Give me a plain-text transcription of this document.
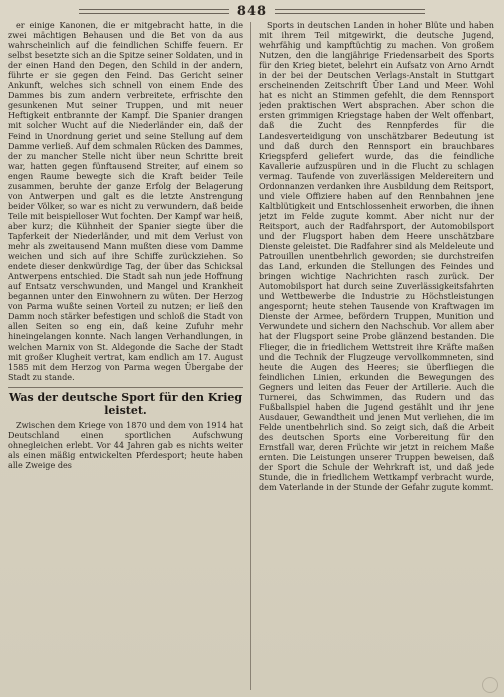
848

er einige Kanonen, die er mitgebracht hatte, in die zwei mächtigen Behausen und die Bet von da aus wahrscheinlich auf die feindlichen Schiffe feuern. Er selbst besetzte sich an die Spitze seiner Soldaten, und in der einen Hand den Degen, den Schild in der andern, führte er sie gegen den Feind. Das Gericht seiner Ankunft, welches sich schnell von einem Ende des Dammes bis zum andern verbreitete, erfrischte den gesunkenen Mut seiner Truppen, und mit neuer Heftigkeit entbrannte der Kampf. Die Spanier drangen mit solcher Wucht auf die Niederländer ein, daß der Feind in Unordnung geriet und seine Stellung auf dem Damme verließ. Auf dem schmalen Rücken des Dammes, der zu mancher Stelle nicht über neun Schritte breit war, hatten gegen fünftausend Streiter, auf einem so engen Raume bewegte sich die Kraft beider Teile zusammen, beruhte der ganze Erfolg der Belagerung von Antwerpen und galt es die letzte Anstrengung beider Völker, so war es nicht zu verwundern, daß beide Teile mit beispielloser Wut fochten. Der Kampf war heiß, aber kurz; die Kühnheit der Spanier siegte über die Tapferkeit der Niederländer, und mit dem Verlust von mehr als zweitausend Mann mußten diese vom Damme weichen und sich auf ihre Schiffe zurückziehen. So endete dieser denkwürdige Tag, der über das Schicksal Antwerpens entschied. Die Stadt sah nun jede Hoffnung auf Entsatz verschwunden, und Mangel und Krankheit begannen unter den Einwohnern zu wüten. Der Herzog von Parma wußte seinen Vorteil zu nutzen; er ließ den Damm noch stärker befestigen und schloß die Stadt von allen Seiten so eng ein, daß keine Zufuhr mehr hineingelangen konnte. Nach langen Verhandlungen, in welchen Marnix von St. Aldegonde die Sache der Stadt mit großer Klugheit vertrat, kam endlich am 17. August 1585 mit dem Herzog von Parma wegen Übergabe der Stadt zu stande.

Was der deutsche Sport für den Krieg leistet.

Zwischen dem Kriege von 1870 und dem von 1914 hat Deutschland einen sportlichen Aufschwung ohnegleichen erlebt. Vor 44 Jahren gab es nichts weiter als einen mäßig entwickelten Pferdesport; heute haben alle Zweige des

Sports in deutschen Landen in hoher Blüte und haben mit ihrem Teil mitgewirkt, die deutsche Jugend, wehrfähig und kampftüchtig zu machen. Von großem Nutzen, den die langjährige Friedensarbeit des Sports für den Krieg bietet, belehrt ein Aufsatz von Arno Arndt in der bei der Deutschen Verlags-Anstalt in Stuttgart erscheinenden Zeitschrift Über Land und Meer. Wohl hat es nicht an Stimmen gefehlt, die dem Rennsport jeden praktischen Wert absprachen. Aber schon die ersten grimmigen Kriegstage haben der Welt offenbart, daß die Zucht des Rennpferdes für die Landesverteidigung von unschätzbarer Bedeutung ist und daß durch den Rennsport ein brauchbares Kriegspferd geliefert wurde, das die feindliche Kavallerie aufzuspüren und in die Flucht zu schlagen vermag. Taufende von zuverlässigen Meldereitern und Ordonnanzen verdanken ihre Ausbildung dem Reitsport, und viele Offiziere haben auf den Rennbahnen jene Kaltblütigkeit und Entschlossenheit erworben, die ihnen jetzt im Felde zugute kommt. Aber nicht nur der Reitsport, auch der Radfahrsport, der Automobilsport und der Flugsport haben dem Heere unschätzbare Dienste geleistet. Die Radfahrer sind als Meldeleute und Patrouillen unentbehrlich geworden; sie durchstreifen das Land, erkunden die Stellungen des Feindes und bringen wichtige Nachrichten rasch zurück. Der Automobilsport hat durch seine Zuverlässigkeitsfahrten und Wettbewerbe die Industrie zu Höchstleistungen angespornt; heute stehen Tausende von Kraftwagen im Dienste der Armee, befördern Truppen, Munition und Verwundete und sichern den Nachschub. Vor allem aber hat der Flugsport seine Probe glänzend bestanden. Die Flieger, die in friedlichem Wettstreit ihre Kräfte maßen und die Technik der Flugzeuge vervollkommneten, sind heute die Augen des Heeres; sie überfliegen die feindlichen Linien, erkunden die Bewegungen des Gegners und leiten das Feuer der Artillerie. Auch die Turnerei, das Schwimmen, das Rudern und das Fußballspiel haben die Jugend gestählt und ihr jene Ausdauer, Gewandtheit und jenen Mut verliehen, die im Felde unentbehrlich sind. So zeigt sich, daß die Arbeit des deutschen Sports eine Vorbereitung für den Ernstfall war, deren Früchte wir jetzt in reichem Maße ernten. Die Leistungen unserer Truppen beweisen, daß der Sport die Schule der Wehrkraft ist, und daß jede Stunde, die in friedlichem Wettkampf verbracht wurde, dem Vaterlande in der Stunde der Gefahr zugute kommt.
